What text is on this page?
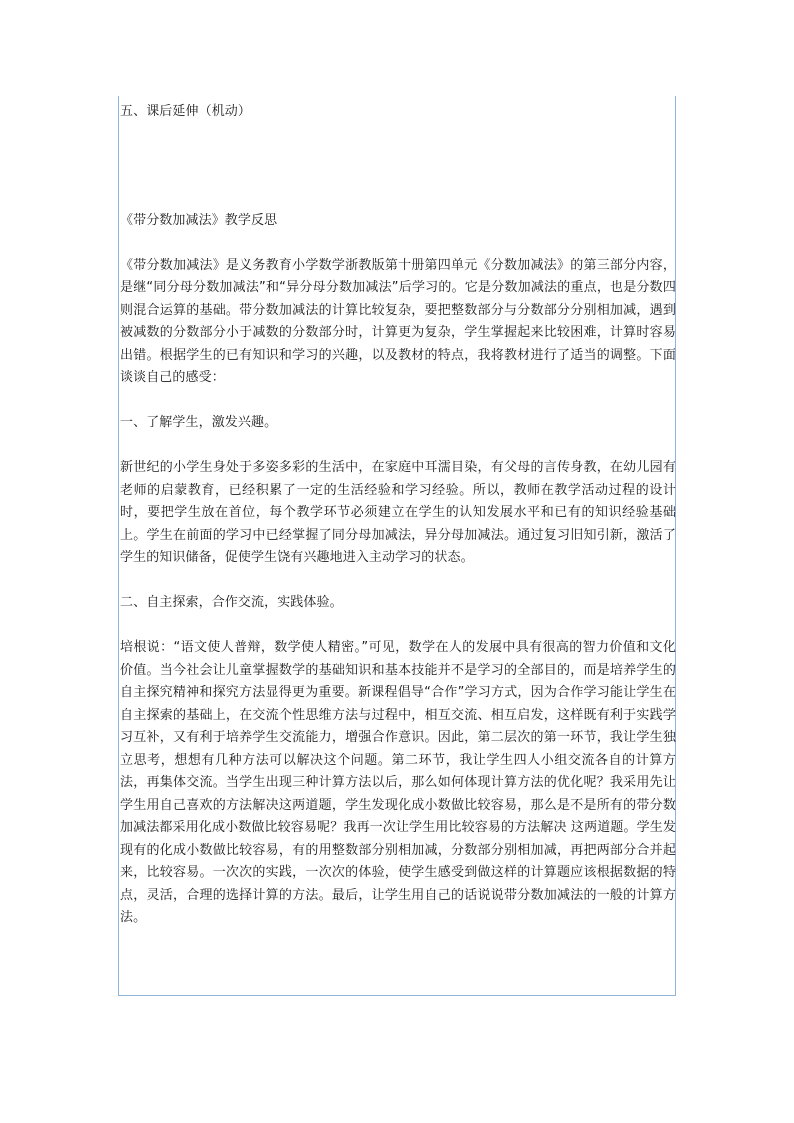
五、课后延伸（机动）

《带分数加减法》教学反思

《带分数加减法》是义务教育小学数学浙教版第十册第四单元《分数加减法》的第三部分内容，是继“同分母分数加减法”和“异分母分数加减法”后学习的。它是分数加减法的重点，也是分数四则混合运算的基础。带分数加减法的计算比较复杂，要把整数部分与分数部分分别相加减，遇到被减数的分数部分小于减数的分数部分时，计算更为复杂，学生掌握起来比较困难，计算时容易出错。根据学生的已有知识和学习的兴趣，以及教材的特点，我将教材进行了适当的调整。下面谈谈自己的感受：

一、了解学生，激发兴趣。

新世纪的小学生身处于多姿多彩的生活中，在家庭中耳濡目染，有父母的言传身教，在幼儿园有老师的启蒙教育，已经积累了一定的生活经验和学习经验。所以，教师在教学活动过程的设计时，要把学生放在首位，每个教学环节必须建立在学生的认知发展水平和已有的知识经验基础上。学生在前面的学习中已经掌握了同分母加减法，异分母加减法。通过复习旧知引新，激活了学生的知识储备，促使学生饶有兴趣地进入主动学习的状态。

二、自主探索，合作交流，实践体验。

培根说：“语文使人普辩，数学使人精密。”可见，数学在人的发展中具有很高的智力价值和文化价值。当今社会让儿童掌握数学的基础知识和基本技能并不是学习的全部目的，而是培养学生的自主探究精神和探究方法显得更为重要。新课程倡导“合作”学习方式，因为合作学习能让学生在自主探索的基础上，在交流个性思维方法与过程中，相互交流、相互启发，这样既有利于实践学习互补，又有利于培养学生交流能力，增强合作意识。因此，第二层次的第一环节，我让学生独立思考，想想有几种方法可以解决这个问题。第二环节，我让学生四人小组交流各自的计算方法，再集体交流。当学生出现三种计算方法以后，那么如何体现计算方法的优化呢？我采用先让学生用自己喜欢的方法解决这两道题，学生发现化成小数做比较容易，那么是不是所有的带分数加减法都采用化成小数做比较容易呢？我再一次让学生用比较容易的方法解决 这两道题。学生发现有的化成小数做比较容易，有的用整数部分别相加减，分数部分别相加减，再把两部分合并起来，比较容易。一次次的实践，一次次的体验，使学生感受到做这样的计算题应该根据数据的特点，灵活，合理的选择计算的方法。最后，让学生用自己的话说说带分数加减法的一般的计算方法。
